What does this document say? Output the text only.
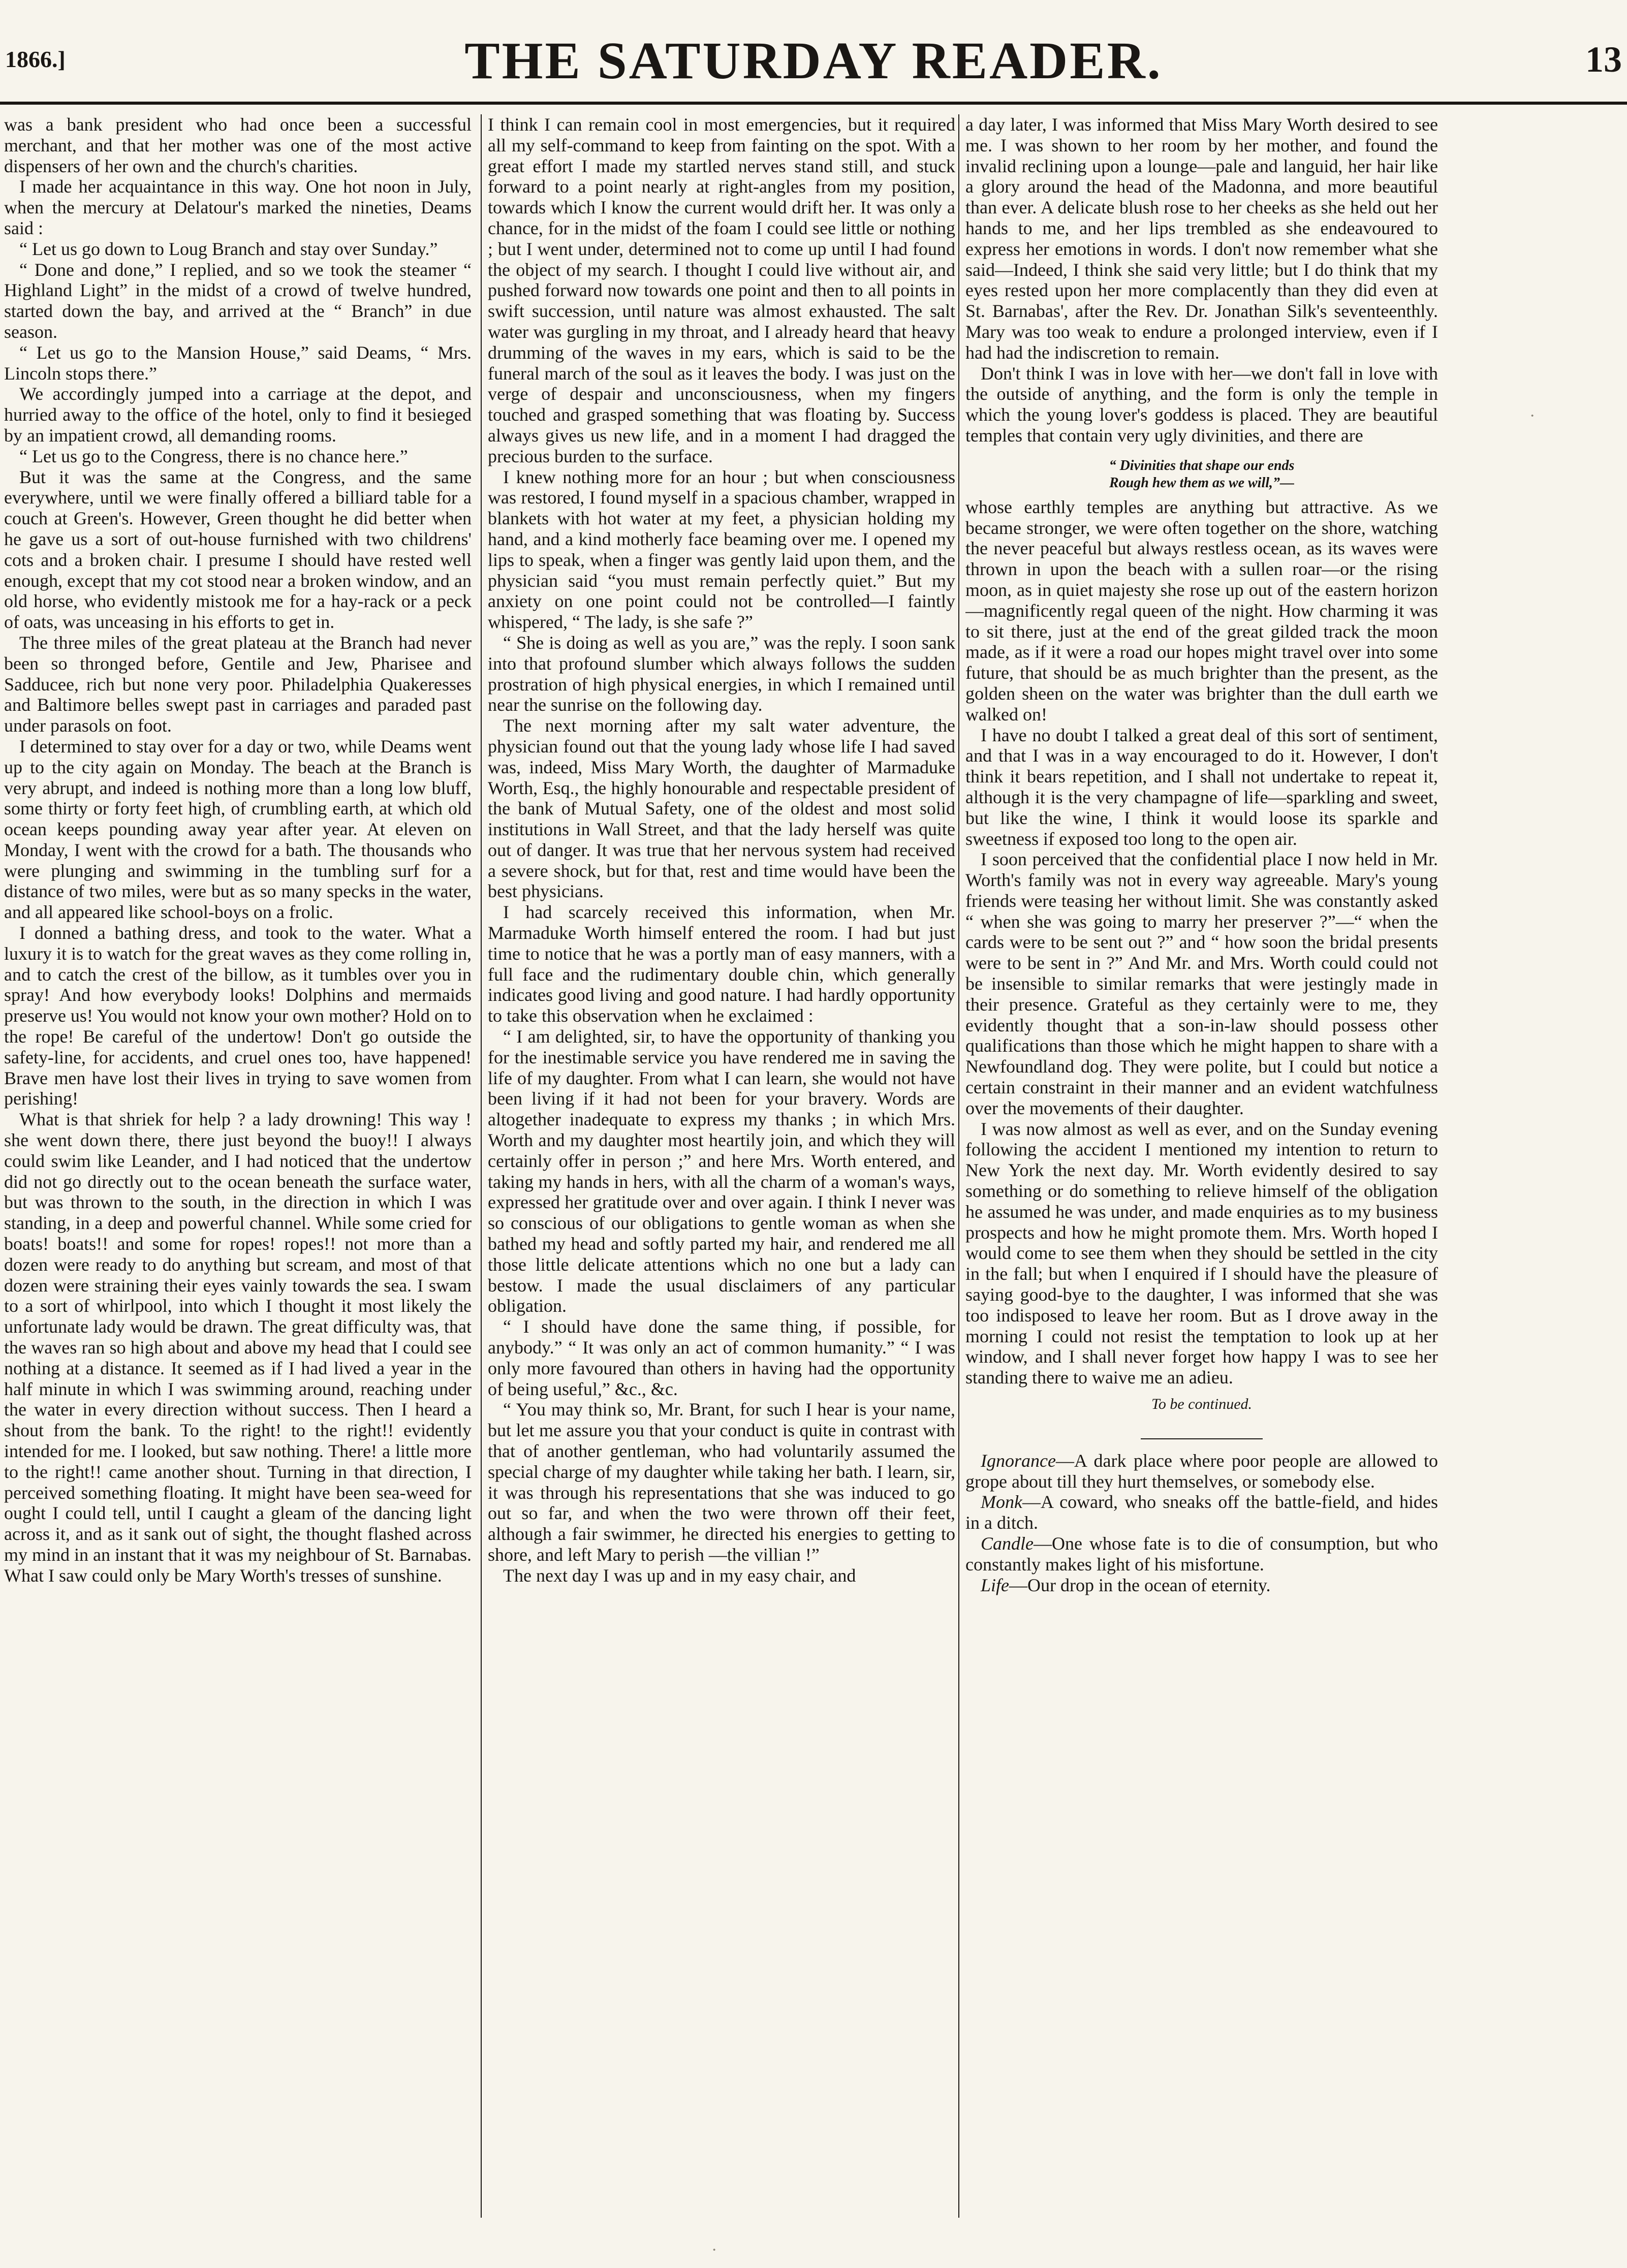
1866.]	THE SATURDAY READER.	13

was a bank president who had once been a successful merchant, and that her mother was one of the most active dispensers of her own and the church's charities.

I made her acquaintance in this way. One hot noon in July, when the mercury at Delatour's marked the nineties, Deams said :

“ Let us go down to Loug Branch and stay over Sunday.”

“ Done and done,” I replied, and so we took the steamer “ Highland Light” in the midst of a crowd of twelve hundred, started down the bay, and arrived at the “ Branch” in due season.

“ Let us go to the Mansion House,” said Deams, “ Mrs. Lincoln stops there.”

We accordingly jumped into a carriage at the depot, and hurried away to the office of the hotel, only to find it besieged by an impatient crowd, all demanding rooms.

“ Let us go to the Congress, there is no chance here.”

But it was the same at the Congress, and the same everywhere, until we were finally offered a billiard table for a couch at Green's. However, Green thought he did better when he gave us a sort of out-house furnished with two childrens' cots and a broken chair. I presume I should have rested well enough, except that my cot stood near a broken window, and an old horse, who evidently mistook me for a hay-rack or a peck of oats, was unceasing in his efforts to get in.

The three miles of the great plateau at the Branch had never been so thronged before, Gentile and Jew, Pharisee and Sadducee, rich but none very poor. Philadelphia Quakeresses and Baltimore belles swept past in carriages and paraded past under parasols on foot.

I determined to stay over for a day or two, while Deams went up to the city again on Monday. The beach at the Branch is very abrupt, and indeed is nothing more than a long low bluff, some thirty or forty feet high, of crumbling earth, at which old ocean keeps pounding away year after year. At eleven on Monday, I went with the crowd for a bath. The thousands who were plunging and swimming in the tumbling surf for a distance of two miles, were but as so many specks in the water, and all appeared like school-boys on a frolic.

I donned a bathing dress, and took to the water. What a luxury it is to watch for the great waves as they come rolling in, and to catch the crest of the billow, as it tumbles over you in spray! And how everybody looks! Dolphins and mermaids preserve us! You would not know your own mother? Hold on to the rope! Be careful of the undertow! Don't go outside the safety-line, for accidents, and cruel ones too, have happened! Brave men have lost their lives in trying to save women from perishing!

What is that shriek for help ? a lady drowning! This way ! she went down there, there just beyond the buoy!! I always could swim like Leander, and I had noticed that the undertow did not go directly out to the ocean beneath the surface water, but was thrown to the south, in the direction in which I was standing, in a deep and powerful channel. While some cried for boats! boats!! and some for ropes! ropes!! not more than a dozen were ready to do anything but scream, and most of that dozen were straining their eyes vainly towards the sea. I swam to a sort of whirlpool, into which I thought it most likely the unfortunate lady would be drawn. The great difficulty was, that the waves ran so high about and above my head that I could see nothing at a distance. It seemed as if I had lived a year in the half minute in which I was swimming around, reaching under the water in every direction without success. Then I heard a shout from the bank. To the right! to the right!! evidently intended for me. I looked, but saw nothing. There! a little more to the right!! came another shout. Turning in that direction, I perceived something floating. It might have been sea-weed for ought I could tell, until I caught a gleam of the dancing light across it, and as it sank out of sight, the thought flashed across my mind in an instant that it was my neighbour of St. Barnabas. What I saw could only be Mary Worth's tresses of sunshine.

I think I can remain cool in most emergencies, but it required all my self-command to keep from fainting on the spot. With a great effort I made my startled nerves stand still, and stuck forward to a point nearly at right-angles from my position, towards which I know the current would drift her. It was only a chance, for in the midst of the foam I could see little or nothing ; but I went under, determined not to come up until I had found the object of my search. I thought I could live without air, and pushed forward now towards one point and then to all points in swift succession, until nature was almost exhausted. The salt water was gurgling in my throat, and I already heard that heavy drumming of the waves in my ears, which is said to be the funeral march of the soul as it leaves the body. I was just on the verge of despair and unconsciousness, when my fingers touched and grasped something that was floating by. Success always gives us new life, and in a moment I had dragged the precious burden to the surface.

I knew nothing more for an hour ; but when consciousness was restored, I found myself in a spacious chamber, wrapped in blankets with hot water at my feet, a physician holding my hand, and a kind motherly face beaming over me. I opened my lips to speak, when a finger was gently laid upon them, and the physician said “you must remain perfectly quiet.” But my anxiety on one point could not be controlled—I faintly whispered, “ The lady, is she safe ?”

“ She is doing as well as you are,” was the reply. I soon sank into that profound slumber which always follows the sudden prostration of high physical energies, in which I remained until near the sunrise on the following day.

The next morning after my salt water adventure, the physician found out that the young lady whose life I had saved was, indeed, Miss Mary Worth, the daughter of Marmaduke Worth, Esq., the highly honourable and respectable president of the bank of Mutual Safety, one of the oldest and most solid institutions in Wall Street, and that the lady herself was quite out of danger. It was true that her nervous system had received a severe shock, but for that, rest and time would have been the best physicians.

I had scarcely received this information, when Mr. Marmaduke Worth himself entered the room. I had but just time to notice that he was a portly man of easy manners, with a full face and the rudimentary double chin, which generally indicates good living and good nature. I had hardly opportunity to take this observation when he exclaimed :

“ I am delighted, sir, to have the opportunity of thanking you for the inestimable service you have rendered me in saving the life of my daughter. From what I can learn, she would not have been living if it had not been for your bravery. Words are altogether inadequate to express my thanks ; in which Mrs. Worth and my daughter most heartily join, and which they will certainly offer in person ;” and here Mrs. Worth entered, and taking my hands in hers, with all the charm of a woman's ways, expressed her gratitude over and over again. I think I never was so conscious of our obligations to gentle woman as when she bathed my head and softly parted my hair, and rendered me all those little delicate attentions which no one but a lady can bestow. I made the usual disclaimers of any particular obligation.

“ I should have done the same thing, if possible, for anybody.” “ It was only an act of common humanity.” “ I was only more favoured than others in having had the opportunity of being useful,” &c., &c.

“ You may think so, Mr. Brant, for such I hear is your name, but let me assure you that your conduct is quite in contrast with that of another gentleman, who had voluntarily assumed the special charge of my daughter while taking her bath. I learn, sir, it was through his representations that she was induced to go out so far, and when the two were thrown off their feet, although a fair swimmer, he directed his energies to getting to shore, and left Mary to perish —the villian !”

The next day I was up and in my easy chair, and

a day later, I was informed that Miss Mary Worth desired to see me. I was shown to her room by her mother, and found the invalid reclining upon a lounge—pale and languid, her hair like a glory around the head of the Madonna, and more beautiful than ever. A delicate blush rose to her cheeks as she held out her hands to me, and her lips trembled as she endeavoured to express her emotions in words. I don't now remember what she said—Indeed, I think she said very little; but I do think that my eyes rested upon her more complacently than they did even at St. Barnabas', after the Rev. Dr. Jonathan Silk's seventeenthly. Mary was too weak to endure a prolonged interview, even if I had had the indiscretion to remain.

Don't think I was in love with her—we don't fall in love with the outside of anything, and the form is only the temple in which the young lover's goddess is placed. They are beautiful temples that contain very ugly divinities, and there are

“ Divinities that shape our ends
Rough hew them as we will,”—

whose earthly temples are anything but attractive. As we became stronger, we were often together on the shore, watching the never peaceful but always restless ocean, as its waves were thrown in upon the beach with a sullen roar—or the rising moon, as in quiet majesty she rose up out of the eastern horizon—magnificently regal queen of the night. How charming it was to sit there, just at the end of the great gilded track the moon made, as if it were a road our hopes might travel over into some future, that should be as much brighter than the present, as the golden sheen on the water was brighter than the dull earth we walked on!

I have no doubt I talked a great deal of this sort of sentiment, and that I was in a way encouraged to do it. However, I don't think it bears repetition, and I shall not undertake to repeat it, although it is the very champagne of life—sparkling and sweet, but like the wine, I think it would loose its sparkle and sweetness if exposed too long to the open air.

I soon perceived that the confidential place I now held in Mr. Worth's family was not in every way agreeable. Mary's young friends were teasing her without limit. She was constantly asked “ when she was going to marry her preserver ?”—“ when the cards were to be sent out ?” and “ how soon the bridal presents were to be sent in ?” And Mr. and Mrs. Worth could could not be insensible to similar remarks that were jestingly made in their presence. Grateful as they certainly were to me, they evidently thought that a son-in-law should possess other qualifications than those which he might happen to share with a Newfoundland dog. They were polite, but I could but notice a certain constraint in their manner and an evident watchfulness over the movements of their daughter.

I was now almost as well as ever, and on the Sunday evening following the accident I mentioned my intention to return to New York the next day. Mr. Worth evidently desired to say something or do something to relieve himself of the obligation he assumed he was under, and made enquiries as to my business prospects and how he might promote them. Mrs. Worth hoped I would come to see them when they should be settled in the city in the fall; but when I enquired if I should have the pleasure of saying good-bye to the daughter, I was informed that she was too indisposed to leave her room. But as I drove away in the morning I could not resist the temptation to look up at her window, and I shall never forget how happy I was to see her standing there to waive me an adieu.

To be continued.

Ignorance—A dark place where poor people are allowed to grope about till they hurt themselves, or somebody else.

Monk—A coward, who sneaks off the battle-field, and hides in a ditch.

Candle—One whose fate is to die of consumption, but who constantly makes light of his misfortune.

Life—Our drop in the ocean of eternity.

·
·
